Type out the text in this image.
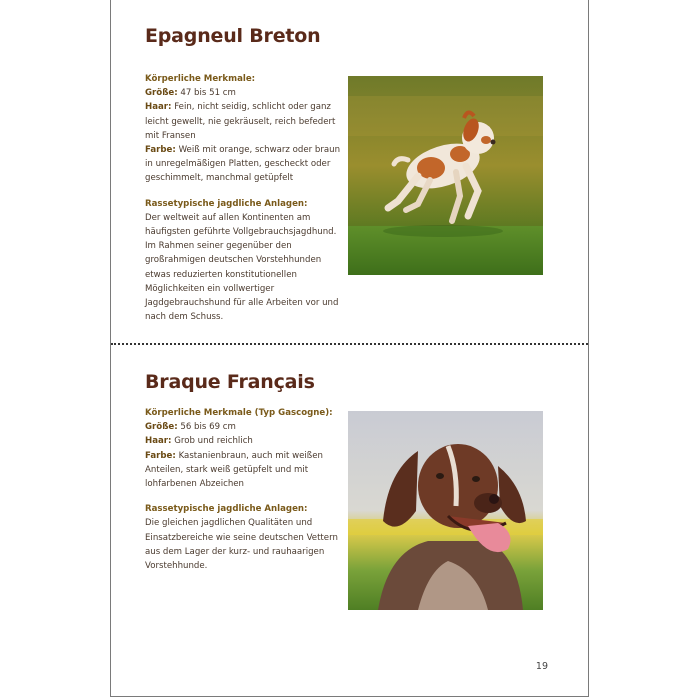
Epagneul Breton
Körperliche Merkmale:
Größe: 47 bis 51 cm
Haar: Fein, nicht seidig, schlicht oder ganz leicht gewellt, nie gekräuselt, reich befedert mit Fransen
Farbe: Weiß mit orange, schwarz oder braun in unregelmäßigen Platten, gescheckt oder geschimmelt, manchmal getüpfelt
Rassetypische jagdliche Anlagen:
Der weltweit auf allen Kontinenten am häufigsten geführte Vollgebrauchsjagdhund. Im Rahmen seiner gegenüber den großrahmigen deutschen Vorstehhunden etwas reduzierten konstitutionellen Möglichkeiten ein vollwertiger Jagdgebrauchshund für alle Arbeiten vor und nach dem Schuss.
Braque Français
Körperliche Merkmale (Typ Gascogne):
Größe: 56 bis 69 cm
Haar: Grob und reichlich
Farbe: Kastanienbraun, auch mit weißen Anteilen, stark weiß getüpfelt und mit lohfarbenen Abzeichen
Rassetypische jagdliche Anlagen:
Die gleichen jagdlichen Qualitäten und Einsatzbereiche wie seine deutschen Vettern aus dem Lager der kurz- und rauhaarigen Vorstehhunde.
19
